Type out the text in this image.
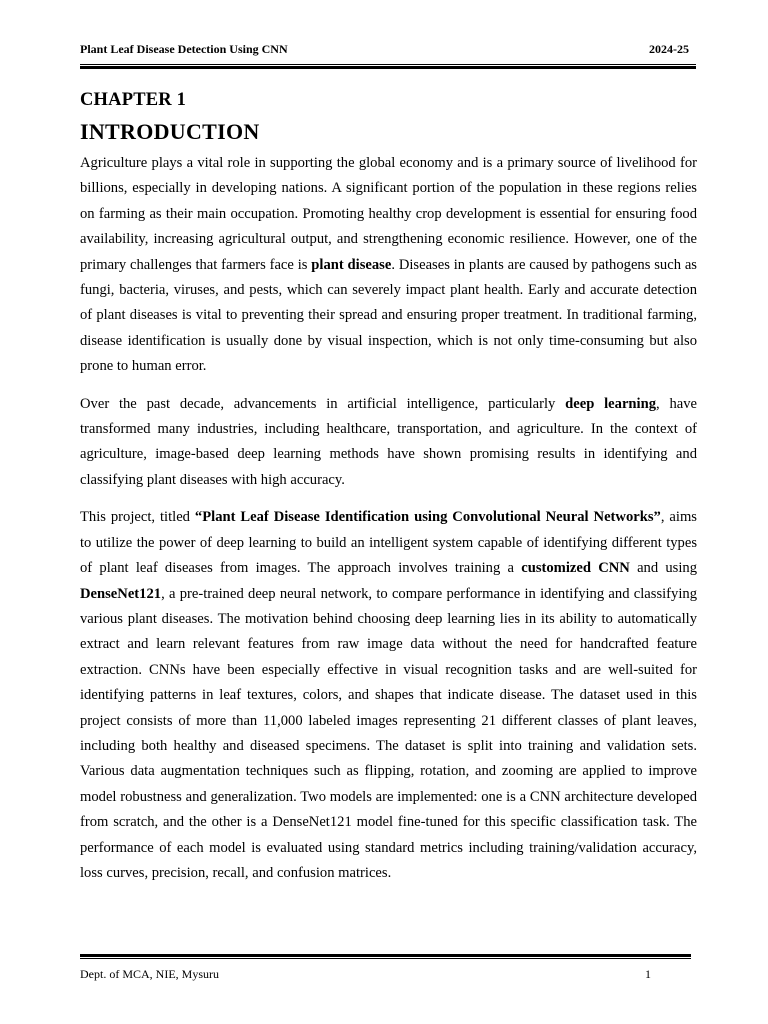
Plant Leaf Disease Detection Using CNN	2024-25
CHAPTER 1
INTRODUCTION

Agriculture plays a vital role in supporting the global economy and is a primary source of livelihood for billions, especially in developing nations. A significant portion of the population in these regions relies on farming as their main occupation. Promoting healthy crop development is essential for ensuring food availability, increasing agricultural output, and strengthening economic resilience. However, one of the primary challenges that farmers face is plant disease. Diseases in plants are caused by pathogens such as fungi, bacteria, viruses, and pests, which can severely impact plant health. Early and accurate detection of plant diseases is vital to preventing their spread and ensuring proper treatment. In traditional farming, disease identification is usually done by visual inspection, which is not only time-consuming but also prone to human error.

Over the past decade, advancements in artificial intelligence, particularly deep learning, have transformed many industries, including healthcare, transportation, and agriculture. In the context of agriculture, image-based deep learning methods have shown promising results in identifying and classifying plant diseases with high accuracy.

This project, titled “Plant Leaf Disease Identification using Convolutional Neural Networks”, aims to utilize the power of deep learning to build an intelligent system capable of identifying different types of plant leaf diseases from images. The approach involves training a customized CNN and using DenseNet121, a pre-trained deep neural network, to compare performance in identifying and classifying various plant diseases. The motivation behind choosing deep learning lies in its ability to automatically extract and learn relevant features from raw image data without the need for handcrafted feature extraction. CNNs have been especially effective in visual recognition tasks and are well-suited for identifying patterns in leaf textures, colors, and shapes that indicate disease. The dataset used in this project consists of more than 11,000 labeled images representing 21 different classes of plant leaves, including both healthy and diseased specimens. The dataset is split into training and validation sets. Various data augmentation techniques such as flipping, rotation, and zooming are applied to improve model robustness and generalization. Two models are implemented: one is a CNN architecture developed from scratch, and the other is a DenseNet121 model fine-tuned for this specific classification task. The performance of each model is evaluated using standard metrics including training/validation accuracy, loss curves, precision, recall, and confusion matrices.

Dept. of MCA, NIE, Mysuru	1
